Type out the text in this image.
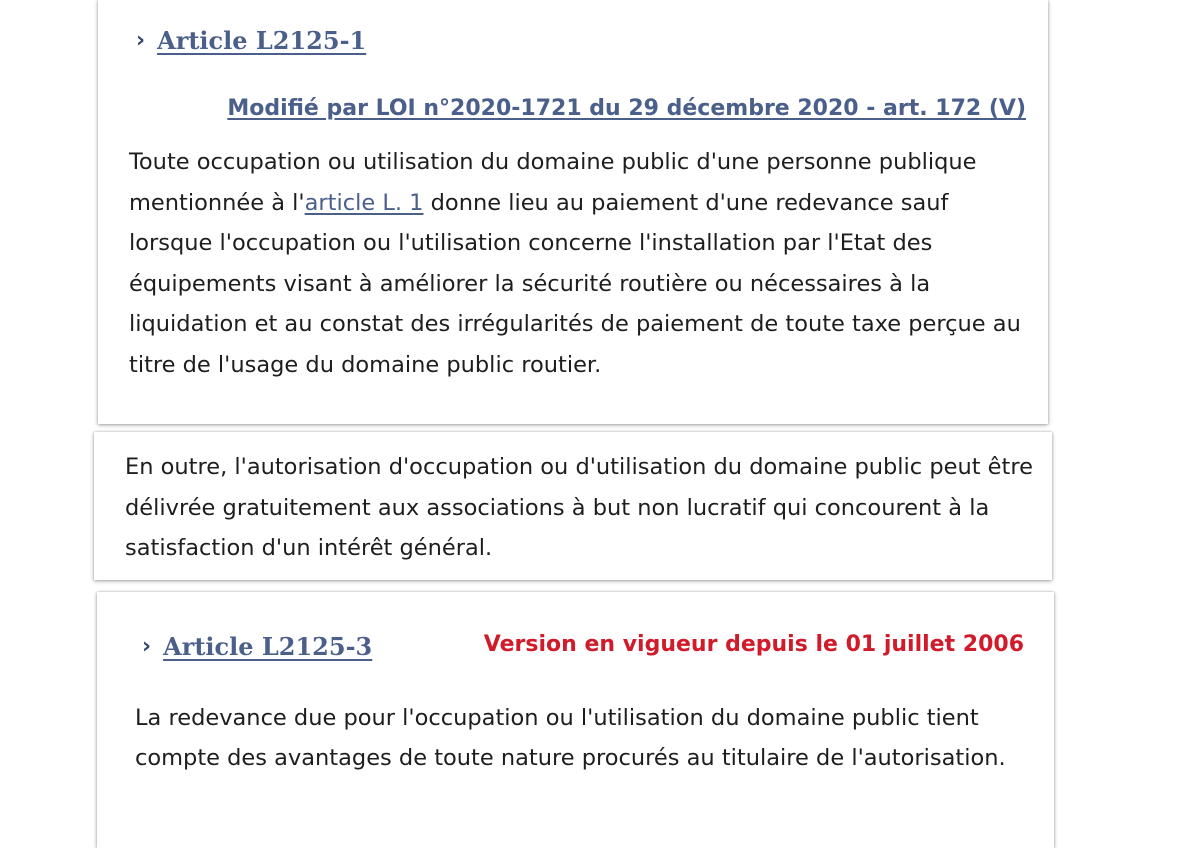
› Article L2125-1
Modifié par LOI n°2020-1721 du 29 décembre 2020 - art. 172 (V)

Toute occupation ou utilisation du domaine public d'une personne publique mentionnée à l'article L. 1 donne lieu au paiement d'une redevance sauf lorsque l'occupation ou l'utilisation concerne l'installation par l'Etat des équipements visant à améliorer la sécurité routière ou nécessaires à la liquidation et au constat des irrégularités de paiement de toute taxe perçue au titre de l'usage du domaine public routier.

En outre, l'autorisation d'occupation ou d'utilisation du domaine public peut être délivrée gratuitement aux associations à but non lucratif qui concourent à la satisfaction d'un intérêt général.

› Article L2125-3	Version en vigueur depuis le 01 juillet 2006

La redevance due pour l'occupation ou l'utilisation du domaine public tient compte des avantages de toute nature procurés au titulaire de l'autorisation.
